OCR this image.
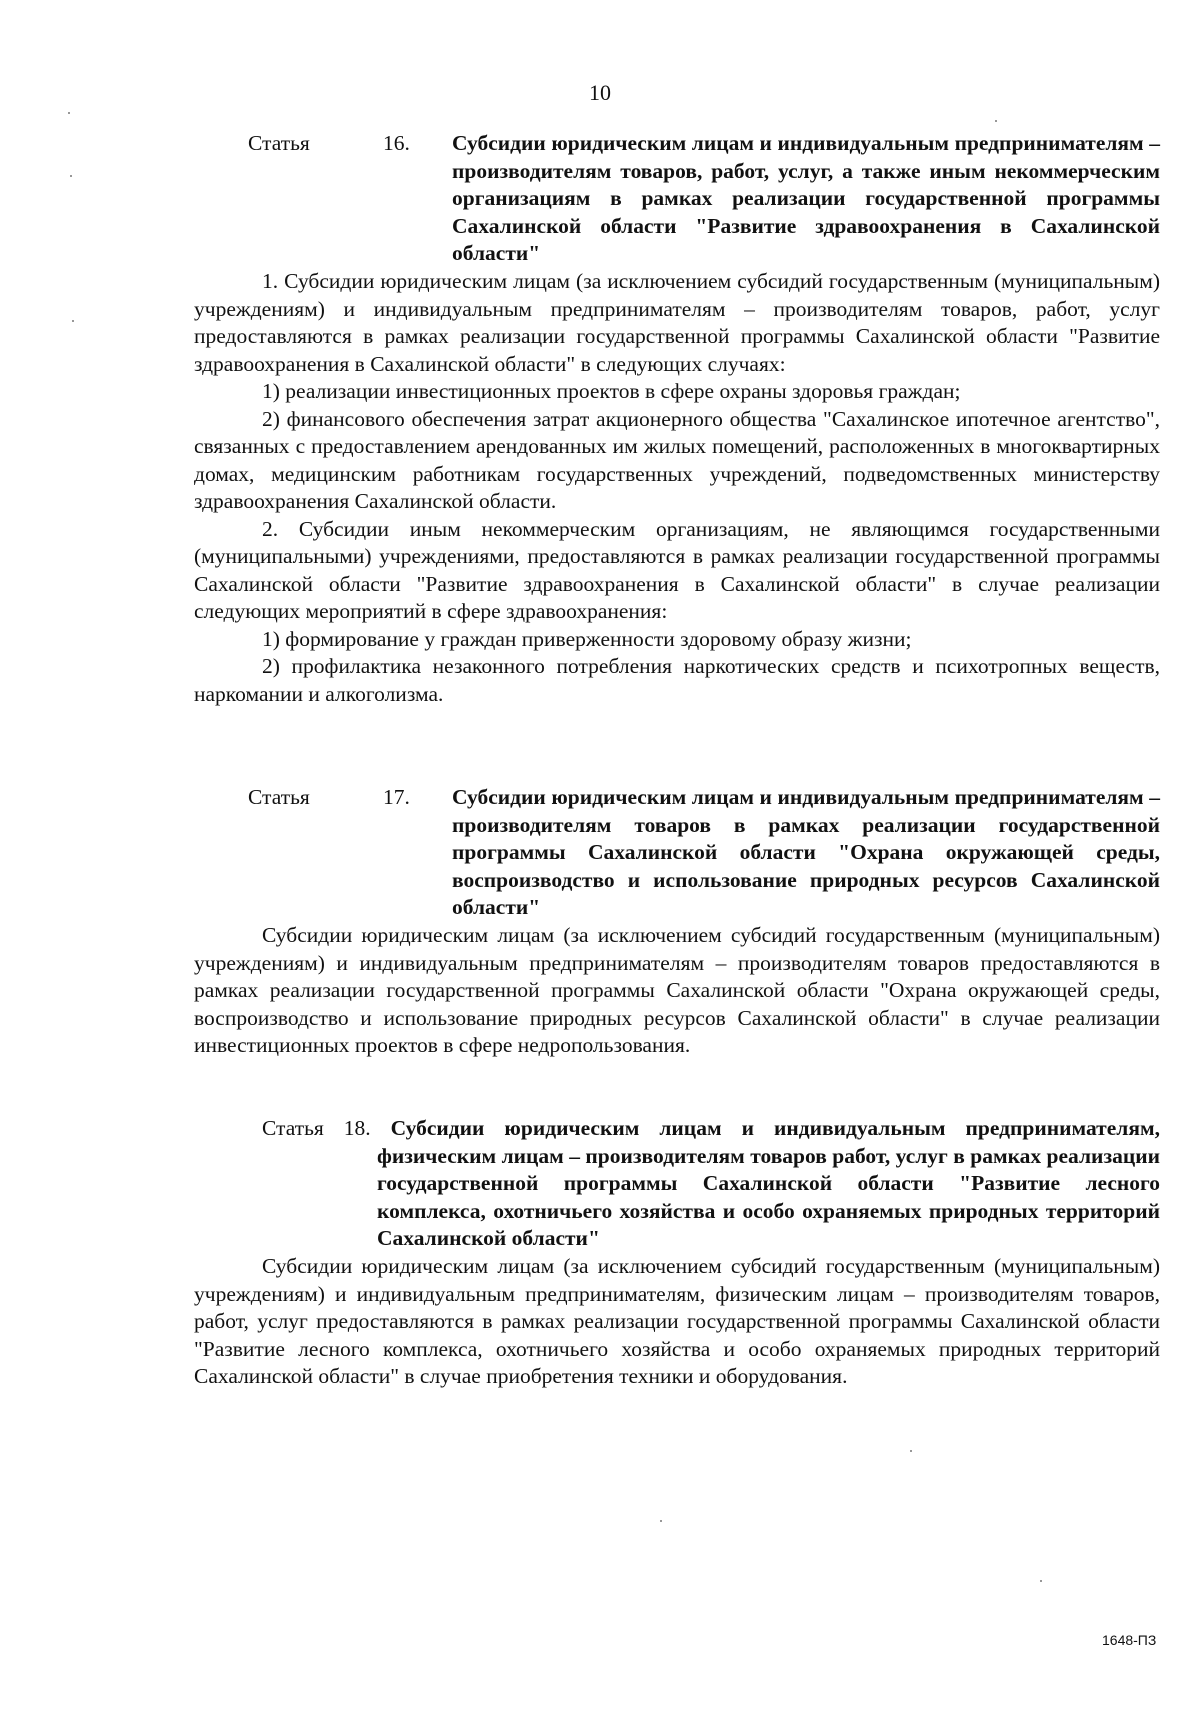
10
Статья	16. Субсидии юридическим лицам и индивидуальным предпринимателям – производителям товаров, работ, услуг, а также иным некоммерческим организациям в рамках реализации государственной программы Сахалинской области "Развитие здравоохранения в Сахалинской области"

1. Субсидии юридическим лицам (за исключением субсидий государственным (муниципальным) учреждениям) и индивидуальным предпринимателям – производителям товаров, работ, услуг предоставляются в рамках реализации государственной программы Сахалинской области "Развитие здравоохранения в Сахалинской области" в следующих случаях:

1) реализации инвестиционных проектов в сфере охраны здоровья граждан;

2) финансового обеспечения затрат акционерного общества "Сахалинское ипотечное агентство", связанных с предоставлением арендованных им жилых помещений, расположенных в многоквартирных домах, медицинским работникам государственных учреждений, подведомственных министерству здравоохранения Сахалинской области.

2. Субсидии иным некоммерческим организациям, не являющимся государственными (муниципальными) учреждениями, предоставляются в рамках реализации государственной программы Сахалинской области "Развитие здравоохранения в Сахалинской области" в случае реализации следующих мероприятий в сфере здравоохранения:

1) формирование у граждан приверженности здоровому образу жизни;

2) профилактика незаконного потребления наркотических средств и психотропных веществ, наркомании и алкоголизма.

Статья	17. Субсидии юридическим лицам и индивидуальным предпринимателям – производителям товаров в рамках реализации государственной программы Сахалинской области "Охрана окружающей среды, воспроизводство и использование природных ресурсов Сахалинской области"

Субсидии юридическим лицам (за исключением субсидий государственным (муниципальным) учреждениям) и индивидуальным предпринимателям – производителям товаров предоставляются в рамках реализации государственной программы Сахалинской области "Охрана окружающей среды, воспроизводство и использование природных ресурсов Сахалинской области" в случае реализации инвестиционных проектов в сфере недропользования.

Статья 18. Субсидии юридическим лицам и индивидуальным предпринимателям, физическим лицам – производителям товаров работ, услуг в рамках реализации государственной программы Сахалинской области "Развитие лесного комплекса, охотничьего хозяйства и особо охраняемых природных территорий Сахалинской области"

Субсидии юридическим лицам (за исключением субсидий государственным (муниципальным) учреждениям) и индивидуальным предпринимателям, физическим лицам – производителям товаров, работ, услуг предоставляются в рамках реализации государственной программы Сахалинской области "Развитие лесного комплекса, охотничьего хозяйства и особо охраняемых природных территорий Сахалинской области" в случае приобретения техники и оборудования.

1648-ПЗ
